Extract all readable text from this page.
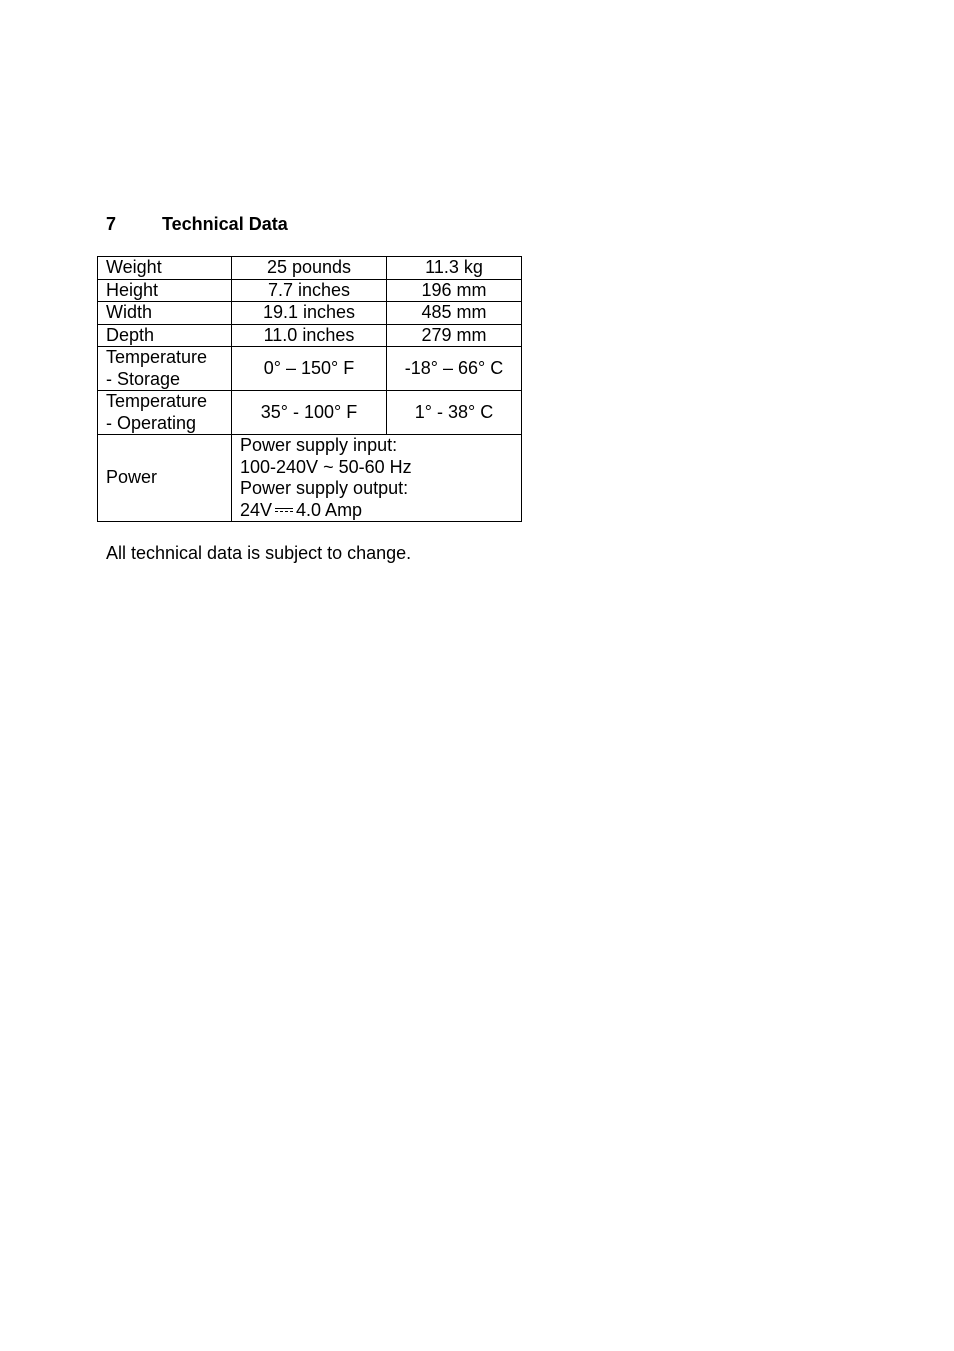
7	Technical Data
Weight	25 pounds	11.3 kg
Height	7.7 inches	196 mm
Width	19.1 inches	485 mm
Depth	11.0 inches	279 mm

Temperature
- Storage	0° – 150° F	-18° – 66° C

Temperature
- Operating	35° - 100° F	1° - 38° C
Power	Power supply input:
100-240V ~ 50-60 Hz
Power supply output:
24V 4.0 Amp	
All technical data is subject to change.
